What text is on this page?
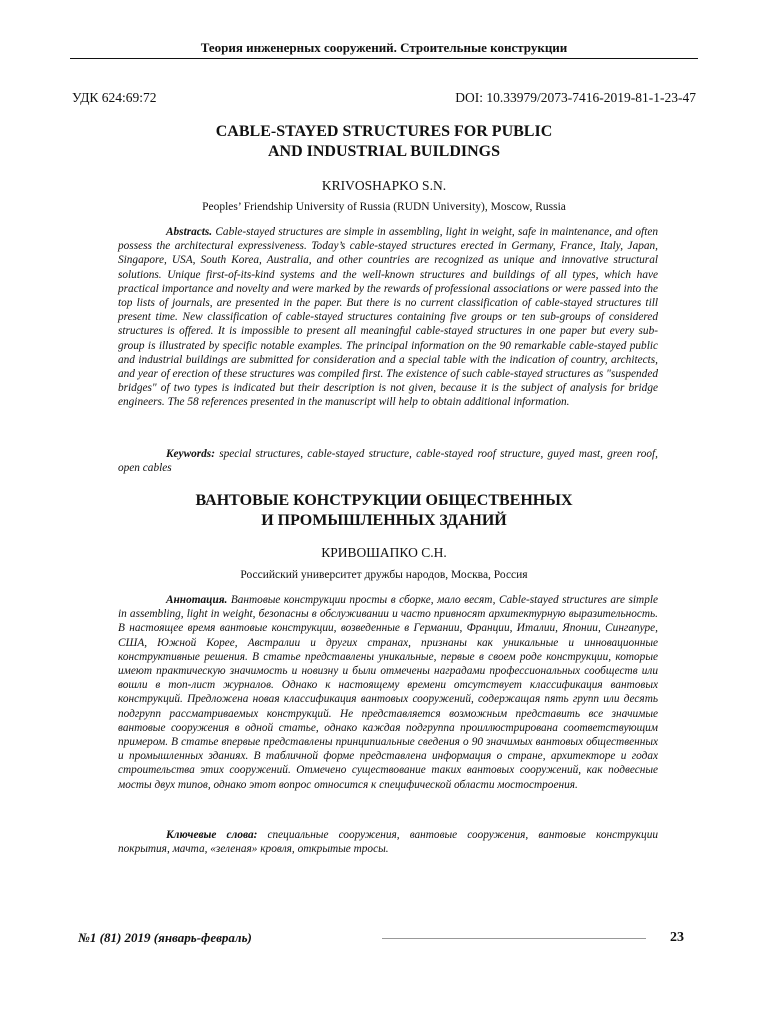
Теория инженерных сооружений. Строительные конструкции
УДК 624:69:72	DOI: 10.33979/2073-7416-2019-81-1-23-47
CABLE-STAYED STRUCTURES FOR PUBLIC
AND INDUSTRIAL BUILDINGS
KRIVOSHAPKO S.N.
Peoples’ Friendship University of Russia (RUDN University), Moscow, Russia

Abstracts. Cable-stayed structures are simple in assembling, light in weight, safe in maintenance, and often possess the architectural expressiveness. Today’s cable-stayed structures erected in Germany, France, Italy, Japan, Singapore, USA, South Korea, Australia, and other countries are recognized as unique and innovative structural solutions. Unique first-of-its-kind systems and the well-known structures and buildings of all types, which have practical importance and novelty and were marked by the rewards of professional associations or were passed into the top lists of journals, are presented in the paper. But there is no current classification of cable-stayed structures till present time. New classification of cable-stayed structures containing five groups or ten sub-groups of considered structures is offered. It is impossible to present all meaningful cable-stayed structures in one paper but every sub-group is illustrated by specific notable examples. The principal information on the 90 remarkable cable-stayed public and industrial buildings are submitted for consideration and a special table with the indication of country, architects, and year of erection of these structures was compiled first. The existence of such cable-stayed structures as "suspended bridges" of two types is indicated but their description is not given, because it is the subject of analysis for bridge engineers. The 58 references presented in the manuscript will help to obtain additional information.

Keywords: special structures, cable-stayed structure, cable-stayed roof structure, guyed mast, green roof, open cables

ВАНТОВЫЕ КОНСТРУКЦИИ ОБЩЕСТВЕННЫХ
И ПРОМЫШЛЕННЫХ ЗДАНИЙ
КРИВОШАПКО С.Н.
Российский университет дружбы народов, Москва, Россия

Аннотация. Вантовые конструкции просты в сборке, мало весят, Cable-stayed structures are simple in assembling, light in weight, безопасны в обслуживании и часто привносят архитектурную выразительность. В настоящее время вантовые конструкции, возведенные в Германии, Франции, Италии, Японии, Сингапуре, США, Южной Корее, Австралии и других странах, признаны как уникальные и инновационные конструктивные решения. В статье представлены уникальные, первые в своем роде конструкции, которые имеют практическую значимость и новизну и были отмечены наградами профессиональных сообществ или вошли в топ-лист журналов. Однако к настоящему времени отсутствует классификация вантовых конструкций. Предложена новая классификация вантовых сооружений, содержащая пять групп или десять подгрупп рассматриваемых конструкций. Не представляется возможным представить все значимые вантовые сооружения в одной статье, однако каждая подгруппа проиллюстрирована соответствующим примером. В статье впервые представлены принципиальные сведения о 90 значимых вантовых общественных и промышленных зданиях. В табличной форме представлена информация о стране, архитекторе и годах строительства этих сооружений. Отмечено существование таких вантовых сооружений, как подвесные мосты двух типов, однако этот вопрос относится к специфической области мостостроения.

Ключевые слова: специальные сооружения, вантовые сооружения, вантовые конструкции покрытия, мачта, «зеленая» кровля, открытые тросы.

№1 (81) 2019 (январь-февраль)	23
